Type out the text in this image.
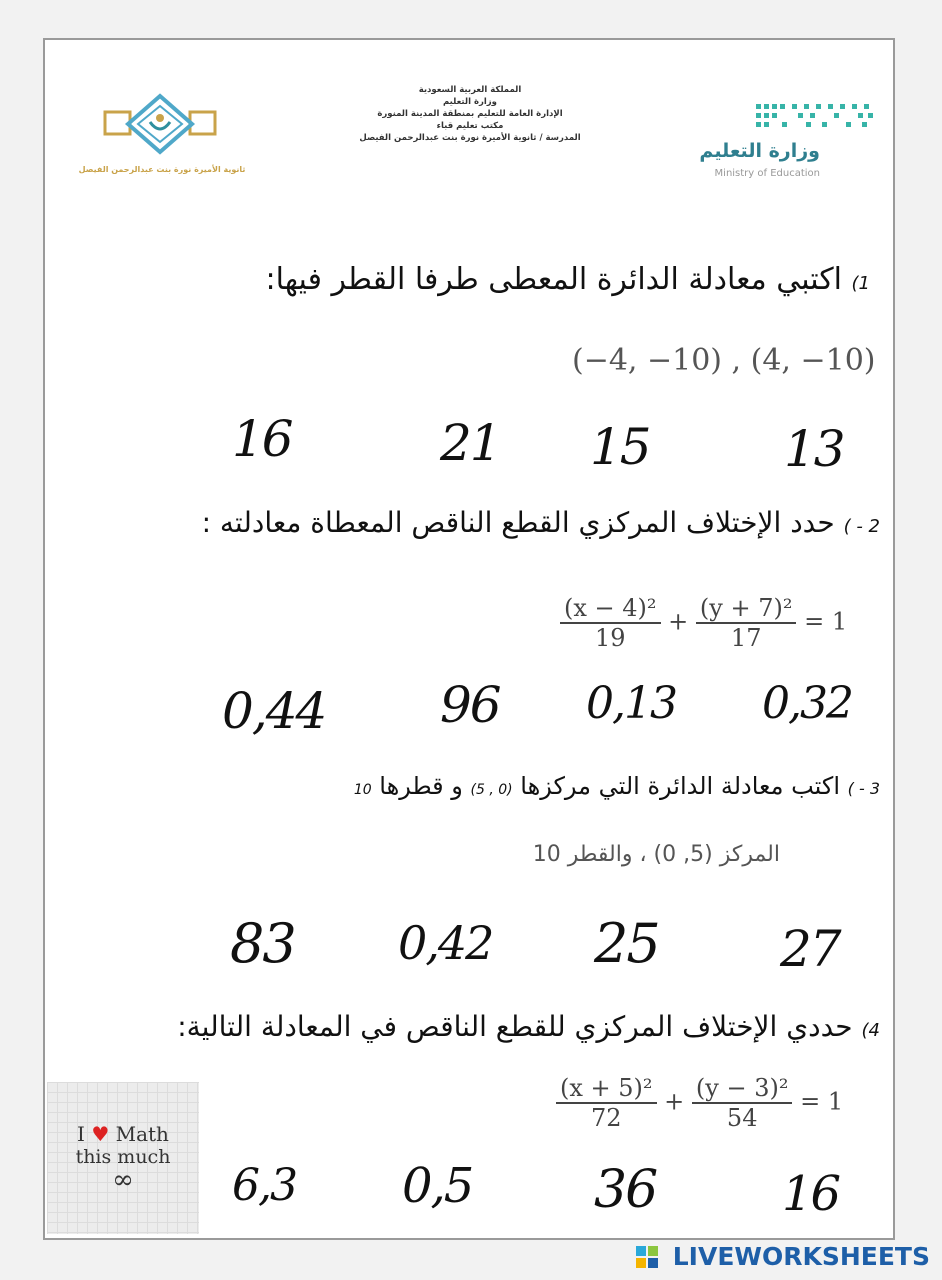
ثانوية الأميرة نورة بنت عبدالرحمن الفيصل
المملكة العربية السعودية
وزارة التعليم
الإدارة العامة للتعليم بمنطقة المدينة المنورة
مكتب تعليم قباء
المدرسة / ثانوية الأميرة نورة بنت عبدالرحمن الفيصل
وزارة التعليم
Ministry of Education
1) اكتبي معادلة الدائرة المعطى طرفا القطر فيها:
(−4, −10) , (4, −10)
16	21 15	13
2 - ) حدد الإختلاف المركزي القطع الناقص المعطاة معادلته :
$\frac{\text{(x − 4)²}}{19} + \frac{\text{(y + 7)²}}{17} = 1$
0,44 96 0,13 0,32
3 - ) اكتب معادلة الدائرة التي مركزها (5 , 0) و قطرها 10
المركز (5, 0) ، والقطر 10
83 0,42 25 27
4) حددي الإختلاف المركزي للقطع الناقص في المعادلة التالية:
$\frac{\text{(x + 5)²}}{72} + \frac{\text{(y − 3)²}}{54} = 1$
I ♥ Math
this much
∞	6,3 0,5 36	16
LIVEWORKSHEETS
